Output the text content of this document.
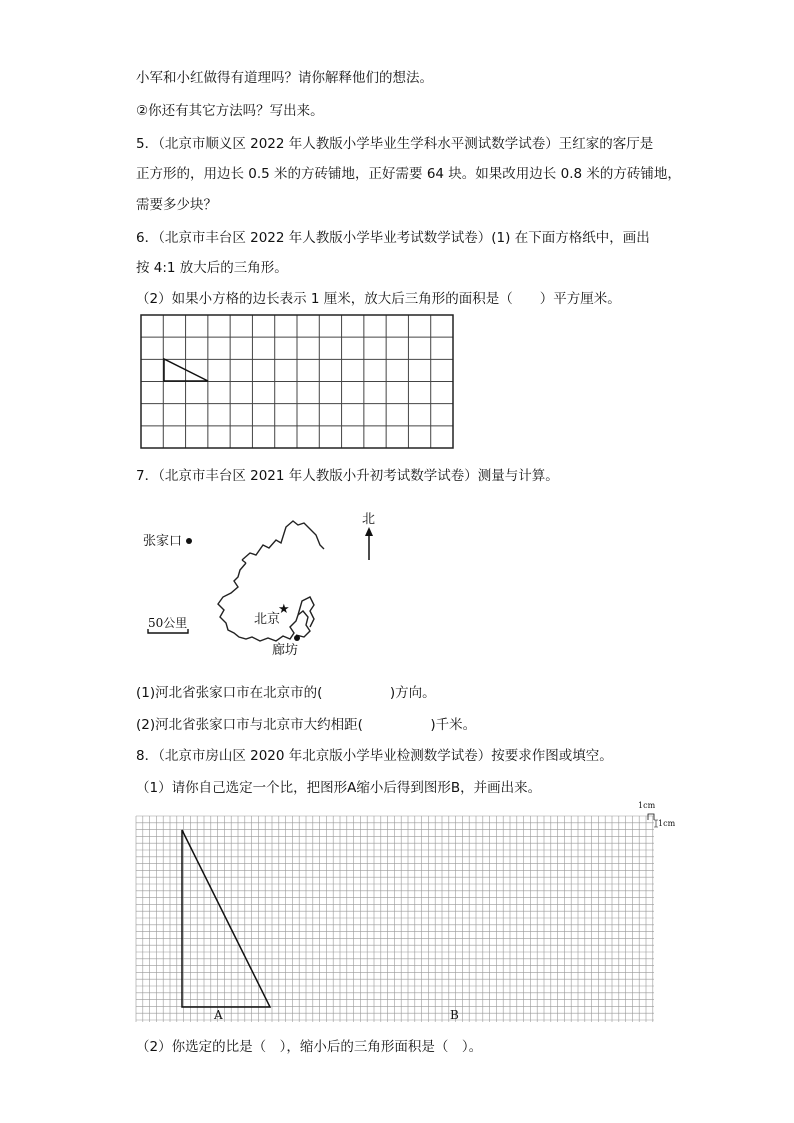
小军和小红做得有道理吗？请你解释他们的想法。
②你还有其它方法吗？写出来。
5．（北京市顺义区 2022 年人教版小学毕业生学科水平测试数学试卷）王红家的客厅是
正方形的，用边长 0.5 米的方砖铺地，正好需要 64 块。如果改用边长 0.8 米的方砖铺地，
需要多少块？
6．（北京市丰台区 2022 年人教版小学毕业考试数学试卷）(1) 在下面方格纸中，画出
按 4:1 放大后的三角形。
（2）如果小方格的边长表示 1 厘米，放大后三角形的面积是（　　）平方厘米。
7．（北京市丰台区 2021 年人教版小升初考试数学试卷）测量与计算。
北
张家口
北京
★
廊坊
50公里
(1)河北省张家口市在北京市的(　　　　　)方向。
(2)河北省张家口市与北京市大约相距(　　　　　)千米。
8．（北京市房山区 2020 年北京版小学毕业检测数学试卷）按要求作图或填空。
（1）请你自己选定一个比，把图形A缩小后得到图形B，并画出来。
A	B
1cm
1cm
（2）你选定的比是（　），缩小后的三角形面积是（　）。
